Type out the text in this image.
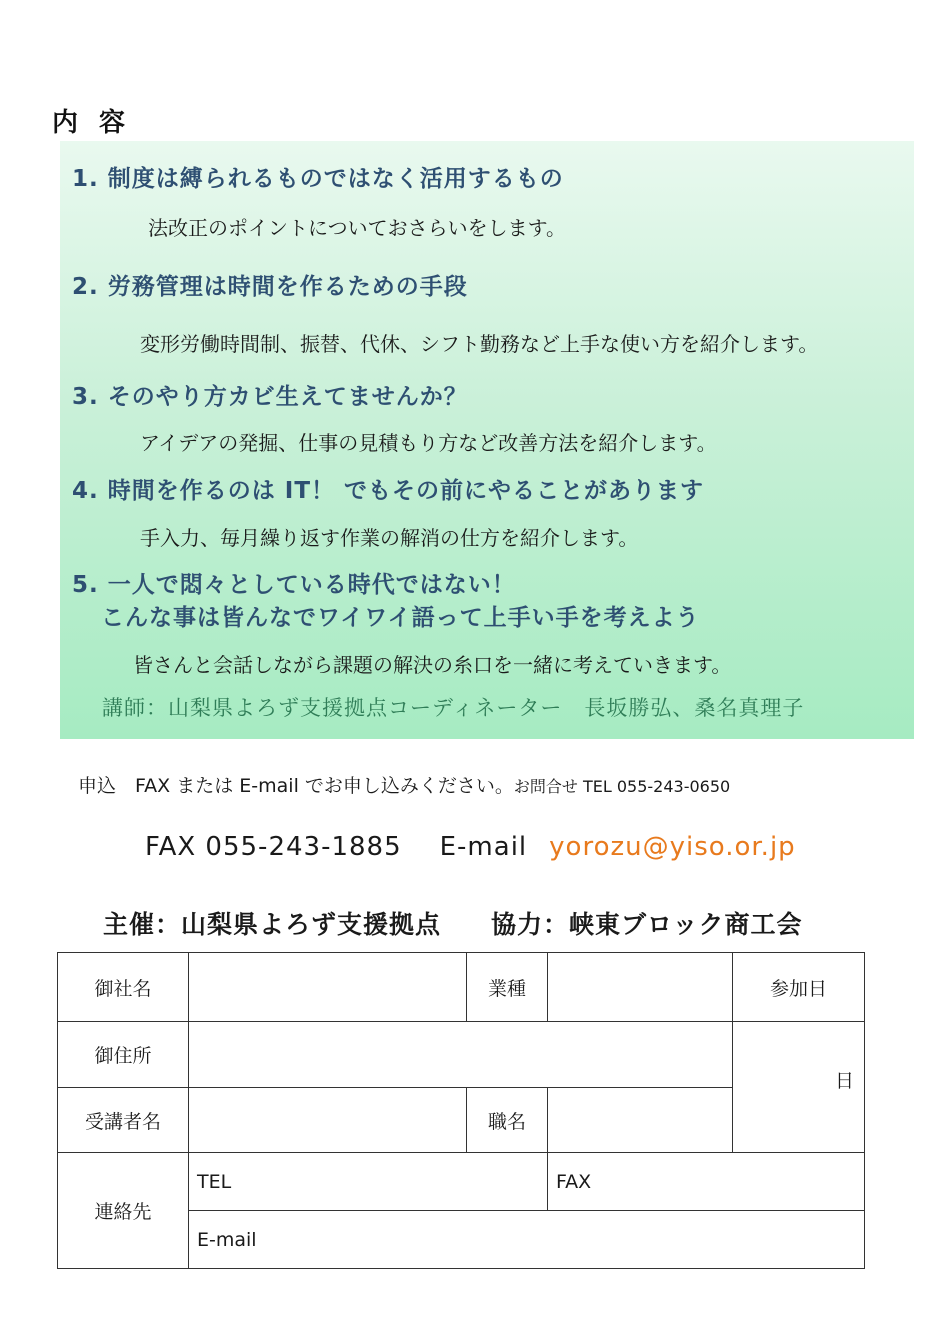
内 容
1. 制度は縛られるものではなく活用するもの
法改正のポイントについておさらいをします。
2. 労務管理は時間を作るための手段
変形労働時間制、振替、代休、シフト勤務など上手な使い方を紹介します。
3. そのやり方カビ生えてませんか？
アイデアの発掘、仕事の見積もり方など改善方法を紹介します。
4. 時間を作るのは IT！ でもその前にやることがあります
手入力、毎月繰り返す作業の解消の仕方を紹介します。
5. 一人で悶々としている時代ではない！
こんな事は皆んなでワイワイ語って上手い手を考えよう
皆さんと会話しながら課題の解決の糸口を一緒に考えていきます。
講師：山梨県よろず支援拠点コーディネーター　長坂勝弘、桑名真理子
申込　FAX または E-mail でお申し込みください。お問合せ TEL 055-243-0650
FAX 055-243-1885 E-mail yorozu@yiso.or.jp
主催：山梨県よろず支援拠点 協力：峡東ブロック商工会
御社名		業種		参加日
御住所				日
受講者名		職名		
連絡先	TEL		FAX	
	E-mail			
